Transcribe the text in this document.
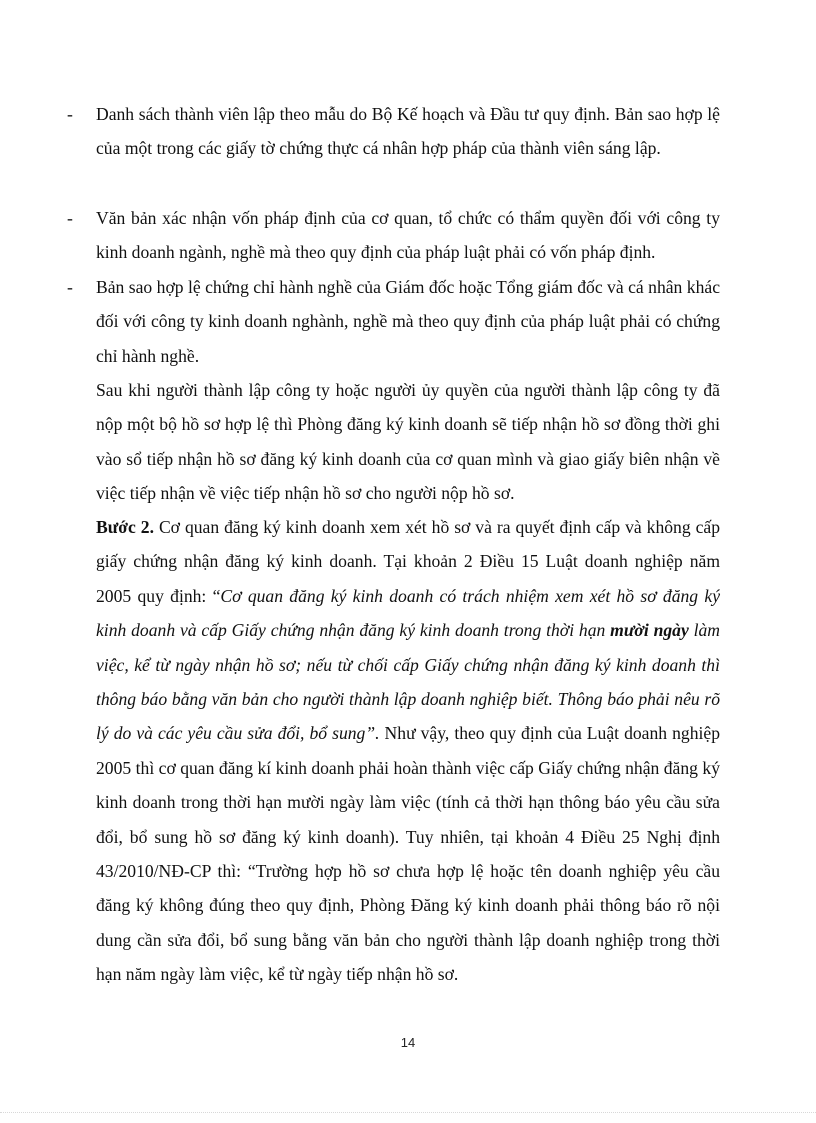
- Danh sách thành viên lập theo mẫu do Bộ Kế hoạch và Đầu tư quy định. Bản sao hợp lệ của một trong các giấy tờ chứng thực cá nhân hợp pháp của thành viên sáng lập.
- Văn bản xác nhận vốn pháp định của cơ quan, tổ chức có thẩm quyền đối với công ty kinh doanh ngành, nghề mà theo quy định của pháp luật phải có vốn pháp định.
- Bản sao hợp lệ chứng chỉ hành nghề của Giám đốc hoặc Tổng giám đốc và cá nhân khác đối với công ty kinh doanh nghành, nghề mà theo quy định của pháp luật phải có chứng chỉ hành nghề.
Sau khi người thành lập công ty hoặc người ủy quyền của người thành lập công ty đã nộp một bộ hồ sơ hợp lệ thì Phòng đăng ký kinh doanh sẽ tiếp nhận hồ sơ đồng thời ghi vào sổ tiếp nhận hồ sơ đăng ký kinh doanh của cơ quan mình và giao giấy biên nhận về việc tiếp nhận về việc tiếp nhận hồ sơ cho người nộp hồ sơ.
Bước 2. Cơ quan đăng ký kinh doanh xem xét hồ sơ và ra quyết định cấp và không cấp giấy chứng nhận đăng ký kinh doanh. Tại khoản 2 Điều 15 Luật doanh nghiệp năm 2005 quy định: “Cơ quan đăng ký kinh doanh có trách nhiệm xem xét hồ sơ đăng ký kinh doanh và cấp Giấy chứng nhận đăng ký kinh doanh trong thời hạn mười ngày làm việc, kể từ ngày nhận hồ sơ; nếu từ chối cấp Giấy chứng nhận đăng ký kinh doanh thì thông báo bằng văn bản cho người thành lập doanh nghiệp biết. Thông báo phải nêu rõ lý do và các yêu cầu sửa đổi, bổ sung”. Như vậy, theo quy định của Luật doanh nghiệp 2005 thì cơ quan đăng kí kinh doanh phải hoàn thành việc cấp Giấy chứng nhận đăng ký kinh doanh trong thời hạn mười ngày làm việc (tính cả thời hạn thông báo yêu cầu sửa đổi, bổ sung hồ sơ đăng ký kinh doanh). Tuy nhiên, tại khoản 4 Điều 25 Nghị định 43/2010/NĐ-CP thì: “Trường hợp hồ sơ chưa hợp lệ hoặc tên doanh nghiệp yêu cầu đăng ký không đúng theo quy định, Phòng Đăng ký kinh doanh phải thông báo rõ nội dung cần sửa đổi, bổ sung bằng văn bản cho người thành lập doanh nghiệp trong thời hạn năm ngày làm việc, kể từ ngày tiếp nhận hồ sơ.
14
